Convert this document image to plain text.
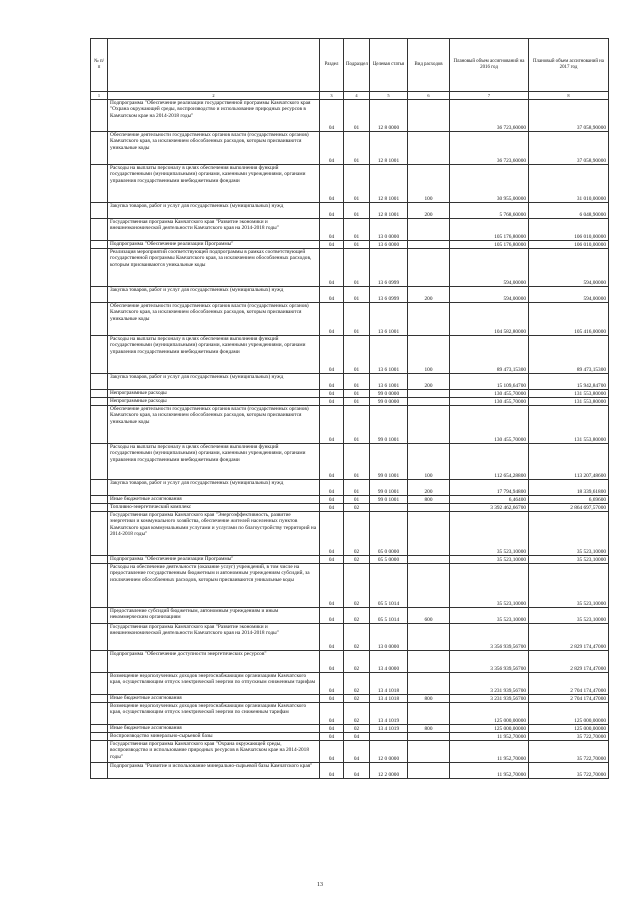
№ п/п		Раздел	Подраздел	Целевая статья	Вид расходов	Плановый объем ассигнований на 2016 год	Плановый объем ассигнований на 2017 год
1	2	3	4	5	6	7	8
	Подпрограмма "Обеспечение реализации государственной программы Камчатского края "Охрана окружающей среды, воспроизводство и использование природных ресурсов в Камчатском крае на 2014-2018 годы"	04	01	12 8 0000		36 723,60000	37 058,90000
	Обеспечение деятельности государственных органов власти (государственных органов) Камчатского края, за исключением обособленных расходов, которым присваиваются уникальные коды	04	01	12 8 1001		36 723,60000	37 058,90000
	Расходы на выплаты персоналу в целях обеспечения выполнения функций государственными (муниципальными) органами, казенными учреждениями, органами управления государственными внебюджетными фондами	04	01	12 8 1001	100	30 955,00000	31 010,00000
	Закупка товаров, работ и услуг для государственных (муниципальных) нужд	04	01	12 8 1001	200	5 768,60000	6 048,90000
	Государственная программа Камчатского края "Развитие экономики и внешнеэкономической деятельности Камчатского края на 2014-2018 годы"	04	01	13 0 0000		105 176,80000	106 010,00000
	Подпрограмма "Обеспечение реализации Программы"	04	01	13 6 0000		105 176,80000	106 010,00000
	Реализация мероприятий соответствующей подпрограммы в рамках соответствующей государственной программы Камчатского края, за исключением обособленных расходов, которым присваиваются уникальные коды	04	01	13 6 0999		594,00000	594,00000
	Закупка товаров, работ и услуг для государственных (муниципальных) нужд	04	01	13 6 0999	200	594,00000	594,00000
	Обеспечение деятельности государственных органов власти (государственных органов) Камчатского края, за исключением обособленных расходов, которым присваиваются уникальные коды	04	01	13 6 1001		104 582,80000	105 416,00000
	Расходы на выплаты персоналу в целях обеспечения выполнения функций государственными (муниципальными) органами, казенными учреждениями, органами управления государственными внебюджетными фондами	04	01	13 6 1001	100	89 473,15300	89 473,15300
	Закупка товаров, работ и услуг для государственных (муниципальных) нужд	04	01	13 6 1001	200	15 109,64700	15 942,84700
	Непрограммные расходы	04	01	99 0 0000		130 455,70000	131 553,80000
	Непрограммные расходы	04	01	99 0 0000		130 455,70000	131 553,80000
	Обеспечение деятельности государственных органов власти (государственных органов) Камчатского края, за исключением обособленных расходов, которым присваиваются уникальные коды	04	01	99 0 1001		130 455,70000	131 553,80000
	Расходы на выплаты персоналу в целях обеспечения выполнения функций государственными (муниципальными) органами, казенными учреждениями, органами управления государственными внебюджетными фондами	04	01	99 0 1001	100	112 654,28800	113 207,48600
	Закупка товаров, работ и услуг для государственных (муниципальных) нужд	04	01	99 0 1001	200	17 794,94800	18 339,61800
	Иные бюджетные ассигнования	04	01	99 0 1001	800	6,46400	6,69600
	Топливно-энергетический комплекс	04	02			3 392 462,66700	2 864 697,57000
	Государственная программа Камчатского края "Энергоэффективность, развитие энергетики и коммунального хозяйства, обеспечение жителей населенных пунктов Камчатского края коммунальными услугами и услугами по благоустройству территорий на 2014-2018 годы"	04	02	05 0 0000		35 523,10000	35 523,10000
	Подпрограмма "Обеспечение реализации Программы"	04	02	05 5 0000		35 523,10000	35 523,10000
	Расходы на обеспечение деятельности (оказание услуг) учреждений, в том числе на предоставление государственным бюджетным и автономным учреждениям субсидий, за исключением обособленных расходов, которым присваиваются уникальные коды	04	02	05 5 1014		35 523,10000	35 523,10000
	Предоставление субсидий бюджетным, автономным учреждениям и иным некоммерческим организациям	04	02	05 5 1014	600	35 523,10000	35 523,10000
	Государственная программа Камчатского края "Развитие экономики и внешнеэкономической деятельности Камчатского края на 2014-2018 годы"	04	02	13 0 0000		3 356 939,56700	2 829 174,47000
	Подпрограмма "Обеспечение доступности энергетических ресурсов"	04	02	13 4 0000		3 356 939,56700	2 829 174,47000
	Возмещение недополученных доходов энергоснабжающим организациям Камчатского края, осуществляющим отпуск электрической энергии по отпускным сниженным тарифам	04	02	13 4 1018		3 231 939,56700	2 704 174,47000
	Иные бюджетные ассигнования	04	02	13 4 1018	800	3 231 939,56700	2 704 174,47000
	Возмещение недополученных доходов энергоснабжающим организациям Камчатского края, осуществляющим отпуск электрической энергии по сниженным тарифам	04	02	13 4 1019		125 000,00000	125 000,00000
	Иные бюджетные ассигнования	04	02	13 4 1019	800	125 000,00000	125 000,00000
	Воспроизводство минерально-сырьевой базы	04	04			11 952,70000	35 722,70000
	Государственная программа Камчатского края "Охрана окружающей среды, воспроизводство и использование природных ресурсов в Камчатском крае на 2014-2018 годы"	04	04	12 0 0000		11 952,70000	35 722,70000
	Подпрограмма "Развитие и использование минерально-сырьевой базы Камчатского края"	04	04	12 2 0000		11 952,70000	35 722,70000
13
